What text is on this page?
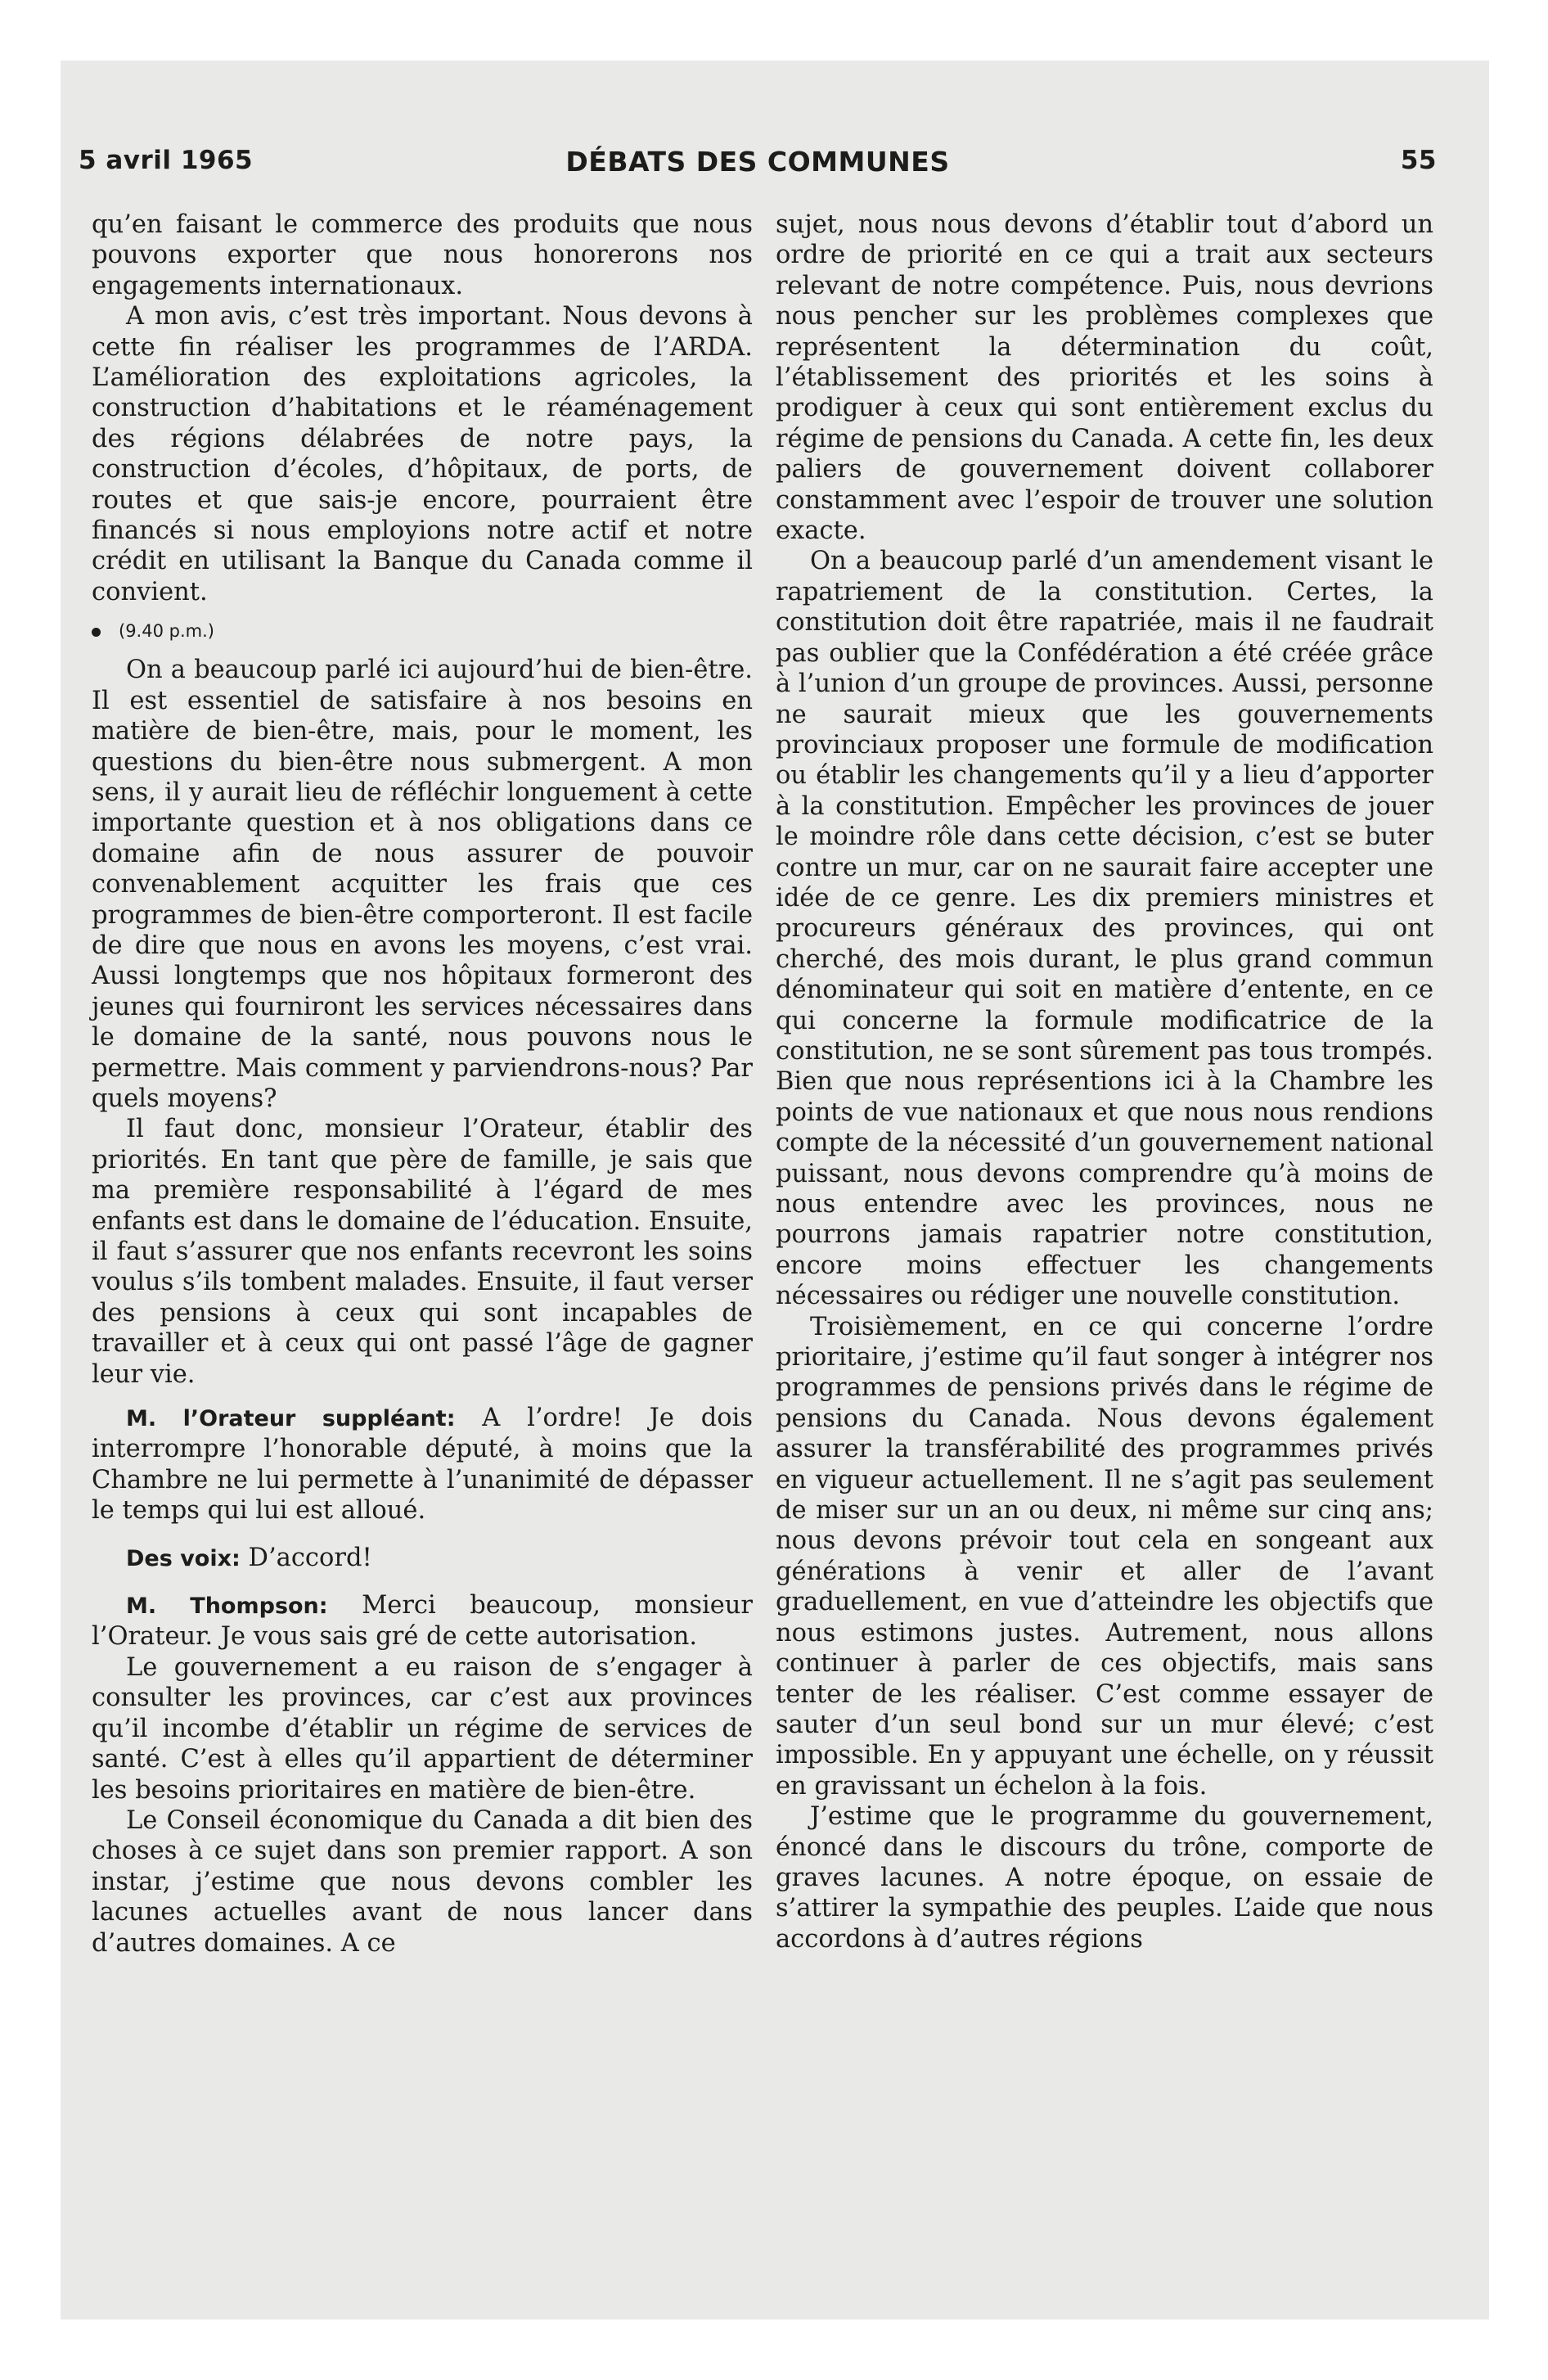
5 avril 1965	DÉBATS DES COMMUNES	55

qu’en faisant le commerce des produits que nous pouvons exporter que nous honorerons nos engagements internationaux.

A mon avis, c’est très important. Nous devons à cette fin réaliser les programmes de l’ARDA. L’amélioration des exploitations agricoles, la construction d’habitations et le réaménagement des régions délabrées de notre pays, la construction d’écoles, d’hôpitaux, de ports, de routes et que sais-je encore, pourraient être financés si nous employions notre actif et notre crédit en utilisant la Banque du Canada comme il convient.

(9.40 p.m.)

On a beaucoup parlé ici aujourd’hui de bien-être. Il est essentiel de satisfaire à nos besoins en matière de bien-être, mais, pour le moment, les questions du bien-être nous submergent. A mon sens, il y aurait lieu de réfléchir longuement à cette importante question et à nos obligations dans ce domaine afin de nous assurer de pouvoir convenablement acquitter les frais que ces programmes de bien-être comporteront. Il est facile de dire que nous en avons les moyens, c’est vrai. Aussi longtemps que nos hôpitaux formeront des jeunes qui fourniront les services nécessaires dans le domaine de la santé, nous pouvons nous le permettre. Mais comment y parviendrons-nous? Par quels moyens?

Il faut donc, monsieur l’Orateur, établir des priorités. En tant que père de famille, je sais que ma première responsabilité à l’égard de mes enfants est dans le domaine de l’éducation. Ensuite, il faut s’assurer que nos enfants recevront les soins voulus s’ils tombent malades. Ensuite, il faut verser des pensions à ceux qui sont incapables de travailler et à ceux qui ont passé l’âge de gagner leur vie.

M. l’Orateur suppléant: A l’ordre! Je dois interrompre l’honorable député, à moins que la Chambre ne lui permette à l’unanimité de dépasser le temps qui lui est alloué.

Des voix: D’accord!

M. Thompson: Merci beaucoup, monsieur l’Orateur. Je vous sais gré de cette autorisation.

Le gouvernement a eu raison de s’engager à consulter les provinces, car c’est aux provinces qu’il incombe d’établir un régime de services de santé. C’est à elles qu’il appartient de déterminer les besoins prioritaires en matière de bien-être.

Le Conseil économique du Canada a dit bien des choses à ce sujet dans son premier rapport. A son instar, j’estime que nous devons combler les lacunes actuelles avant de nous lancer dans d’autres domaines. A ce

sujet, nous nous devons d’établir tout d’abord un ordre de priorité en ce qui a trait aux secteurs relevant de notre compétence. Puis, nous devrions nous pencher sur les problèmes complexes que représentent la détermination du coût, l’établissement des priorités et les soins à prodiguer à ceux qui sont entièrement exclus du régime de pensions du Canada. A cette fin, les deux paliers de gouvernement doivent collaborer constamment avec l’espoir de trouver une solution exacte.

On a beaucoup parlé d’un amendement visant le rapatriement de la constitution. Certes, la constitution doit être rapatriée, mais il ne faudrait pas oublier que la Confédération a été créée grâce à l’union d’un groupe de provinces. Aussi, personne ne saurait mieux que les gouvernements provinciaux proposer une formule de modification ou établir les changements qu’il y a lieu d’apporter à la constitution. Empêcher les provinces de jouer le moindre rôle dans cette décision, c’est se buter contre un mur, car on ne saurait faire accepter une idée de ce genre. Les dix premiers ministres et procureurs généraux des provinces, qui ont cherché, des mois durant, le plus grand commun dénominateur qui soit en matière d’entente, en ce qui concerne la formule modificatrice de la constitution, ne se sont sûrement pas tous trompés. Bien que nous représentions ici à la Chambre les points de vue nationaux et que nous nous rendions compte de la nécessité d’un gouvernement national puissant, nous devons comprendre qu’à moins de nous entendre avec les provinces, nous ne pourrons jamais rapatrier notre constitution, encore moins effectuer les changements nécessaires ou rédiger une nouvelle constitution.

Troisièmement, en ce qui concerne l’ordre prioritaire, j’estime qu’il faut songer à intégrer nos programmes de pensions privés dans le régime de pensions du Canada. Nous devons également assurer la transférabilité des programmes privés en vigueur actuellement. Il ne s’agit pas seulement de miser sur un an ou deux, ni même sur cinq ans; nous devons prévoir tout cela en songeant aux générations à venir et aller de l’avant graduellement, en vue d’atteindre les objectifs que nous estimons justes. Autrement, nous allons continuer à parler de ces objectifs, mais sans tenter de les réaliser. C’est comme essayer de sauter d’un seul bond sur un mur élevé; c’est impossible. En y appuyant une échelle, on y réussit en gravissant un échelon à la fois.

J’estime que le programme du gouvernement, énoncé dans le discours du trône, comporte de graves lacunes. A notre époque, on essaie de s’attirer la sympathie des peuples. L’aide que nous accordons à d’autres régions
